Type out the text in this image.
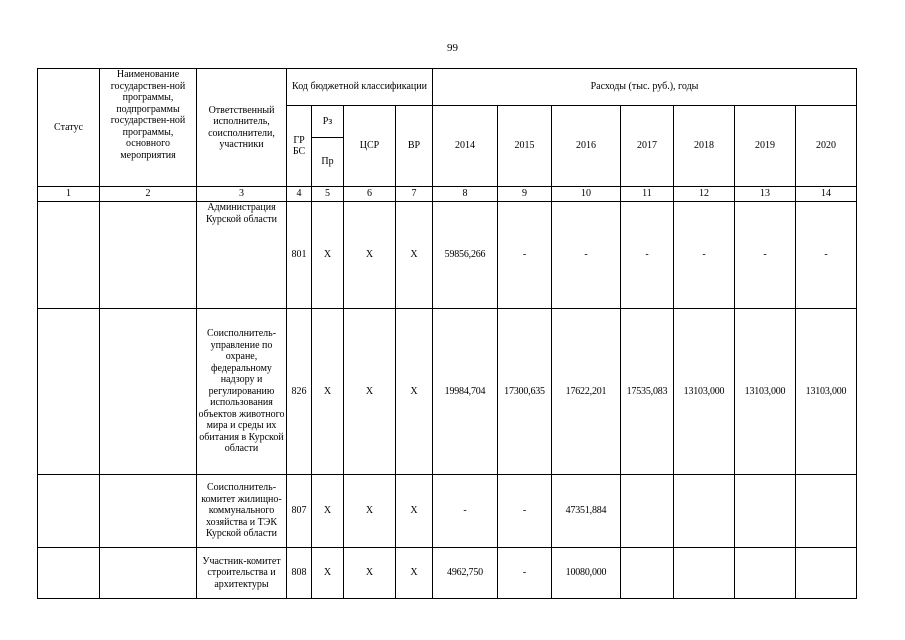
99
Статус	Наименование государствен-ной программы, подпрограммы государствен-ной программы, основного мероприятия	Ответственный исполнитель, соисполнители, участники	Код бюджетной классификации				Расходы (тыс. руб.), годы						
			ГР БС	Рз	ЦСР	ВР	2014	2015	2016	2017	2018	2019	2020
				Пр									
1	2	3	4	5	6	7	8	9	10	11	12	13	14
		Администрация Курской области	801	Х	Х	Х	59856,266	-	-	-	-	-	-
		Соисполнитель-управление по охране, федеральному надзору и регулированию использования объектов животного мира и среды их обитания в Курской области	826	Х	Х	Х	19984,704	17300,635	17622,201	17535,083	13103,000	13103,000	13103,000
		Соисполнитель-комитет жилищно-коммунального хозяйства и ТЭК Курской области	807	Х	Х	Х	-	-	47351,884				
		Участник-комитет строительства и архитектуры	808	Х	Х	Х	4962,750	-	10080,000				
